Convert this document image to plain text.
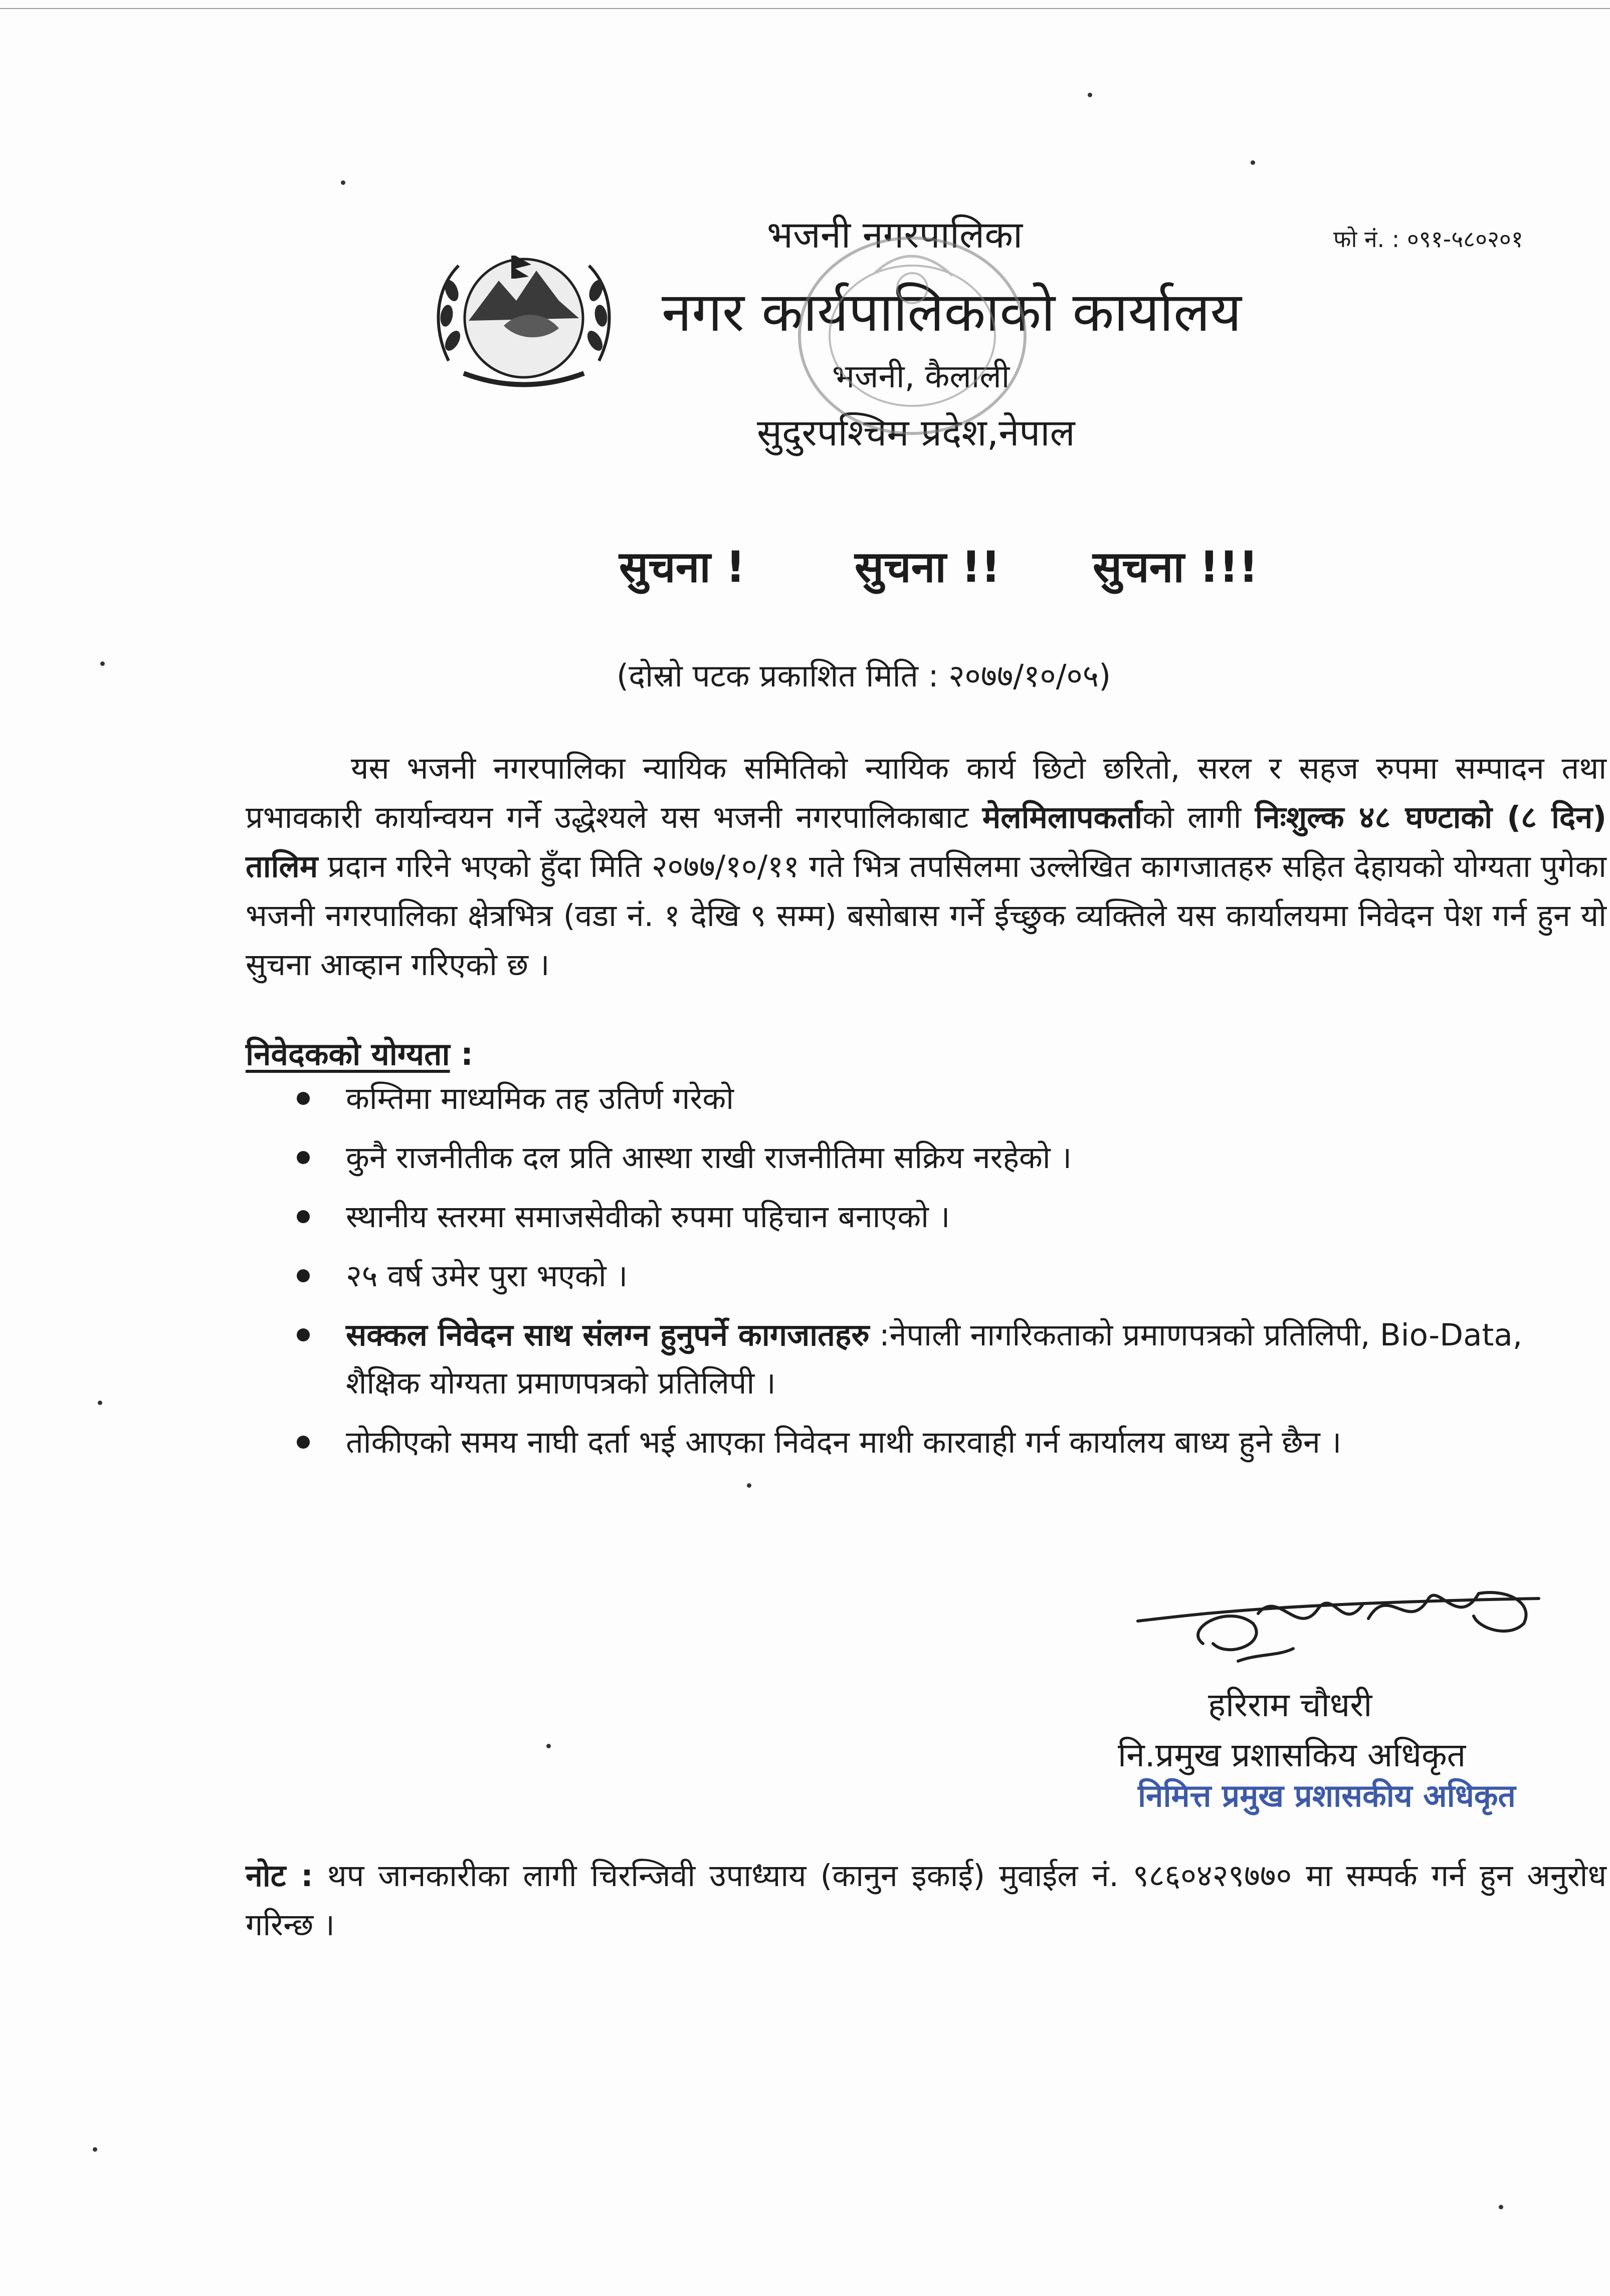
भजनी नगरपालिका
नगर कार्यपालिकाको कार्यालय
भजनी, कैलाली
सुदुरपश्चिम प्रदेश,नेपाल
फो नं. : ०९१-५८०२०१
सुचना !	सुचना !! सुचना !!!
(दोस्रो पटक प्रकाशित मिति : २०७७/१०/०५)
यस भजनी नगरपालिका न्यायिक समितिको न्यायिक कार्य छिटो छरितो, सरल र सहज रुपमा सम्पादन तथा प्रभावकारी कार्यान्वयन गर्ने उद्धेश्यले यस भजनी नगरपालिकाबाट मेलमिलापकर्ताको लागी निःशुल्क ४८ घण्टाको (८ दिन) तालिम प्रदान गरिने भएको हुँदा मिति २०७७/१०/११ गते भित्र तपसिलमा उल्लेखित कागजातहरु सहित देहायको योग्यता पुगेका भजनी नगरपालिका क्षेत्रभित्र (वडा नं. १ देखि ९ सम्म) बसोबास गर्ने ईच्छुक व्यक्तिले यस कार्यालयमा निवेदन पेश गर्न हुन यो सुचना आव्हान गरिएको छ ।
निवेदकको योग्यता :
कम्तिमा माध्यमिक तह उतिर्ण गरेको
कुनै राजनीतीक दल प्रति आस्था राखी राजनीतिमा सक्रिय नरहेको ।
स्थानीय स्तरमा समाजसेवीको रुपमा पहिचान बनाएको ।
२५ वर्ष उमेर पुरा भएको ।
सक्कल निवेदन साथ संलग्न हुनुपर्ने कागजातहरु :नेपाली नागरिकताको प्रमाणपत्रको प्रतिलिपी, Bio-Data, शैक्षिक योग्यता प्रमाणपत्रको प्रतिलिपी ।
तोकीएको समय नाघी दर्ता भई आएका निवेदन माथी कारवाही गर्न कार्यालय बाध्य हुने छैन ।
हरिराम चौधरी
नि.प्रमुख प्रशासकिय अधिकृत
निमित्त प्रमुख प्रशासकीय अधिकृत
नोट : थप जानकारीका लागी चिरन्जिवी उपाध्याय (कानुन इकाई) मुवाईल नं. ९८६०४२९७७० मा सम्पर्क गर्न हुन अनुरोध गरिन्छ ।
